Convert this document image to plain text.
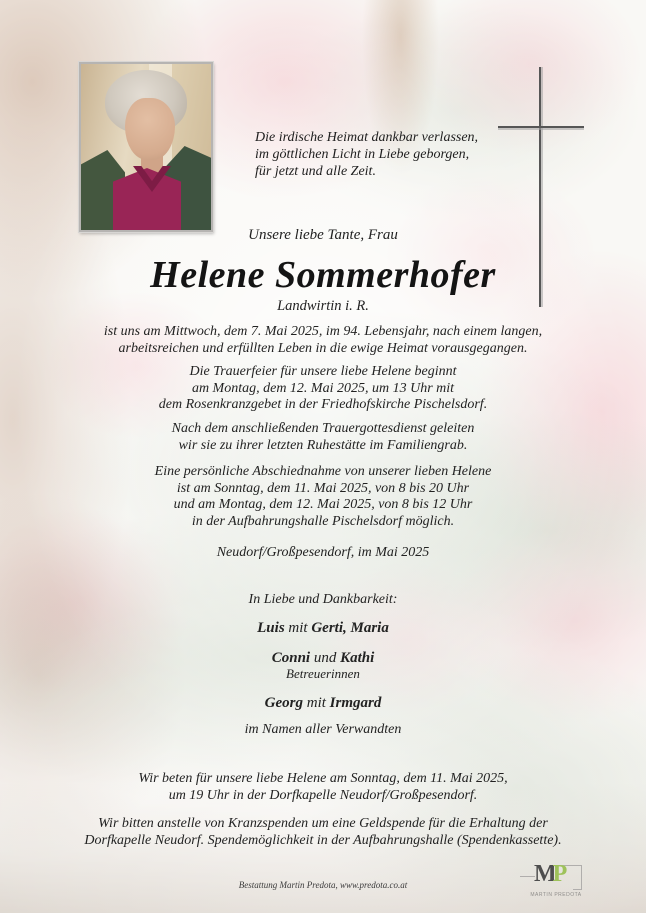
Die irdische Heimat dankbar verlassen,
im göttlichen Licht in Liebe geborgen,
für jetzt und alle Zeit.
Unsere liebe Tante, Frau
Helene Sommerhofer
Landwirtin i. R.
ist uns am Mittwoch, dem 7. Mai 2025, im 94. Lebensjahr, nach einem langen,
arbeitsreichen und erfüllten Leben in die ewige Heimat vorausgegangen.
Die Trauerfeier für unsere liebe Helene beginnt
am Montag, dem 12. Mai 2025, um 13 Uhr mit
dem Rosenkranzgebet in der Friedhofskirche Pischelsdorf.
Nach dem anschließenden Trauergottesdienst geleiten
wir sie zu ihrer letzten Ruhestätte im Familiengrab.
Eine persönliche Abschiednahme von unserer lieben Helene
ist am Sonntag, dem 11. Mai 2025, von 8 bis 20 Uhr
und am Montag, dem 12. Mai 2025, von 8 bis 12 Uhr
in der Aufbahrungshalle Pischelsdorf möglich.
Neudorf/Großpesendorf, im Mai 2025
In Liebe und Dankbarkeit:
Luis mit Gerti, Maria
Conni und Kathi
Betreuerinnen
Georg mit Irmgard
im Namen aller Verwandten
Wir beten für unsere liebe Helene am Sonntag, dem 11. Mai 2025,
um 19 Uhr in der Dorfkapelle Neudorf/Großpesendorf.
Wir bitten anstelle von Kranzspenden um eine Geldspende für die Erhaltung der
Dorfkapelle Neudorf. Spendemöglichkeit in der Aufbahrungshalle (Spendenkassette).
Bestattung Martin Predota, www.predota.co.at	MP
MARTIN PREDOTA
